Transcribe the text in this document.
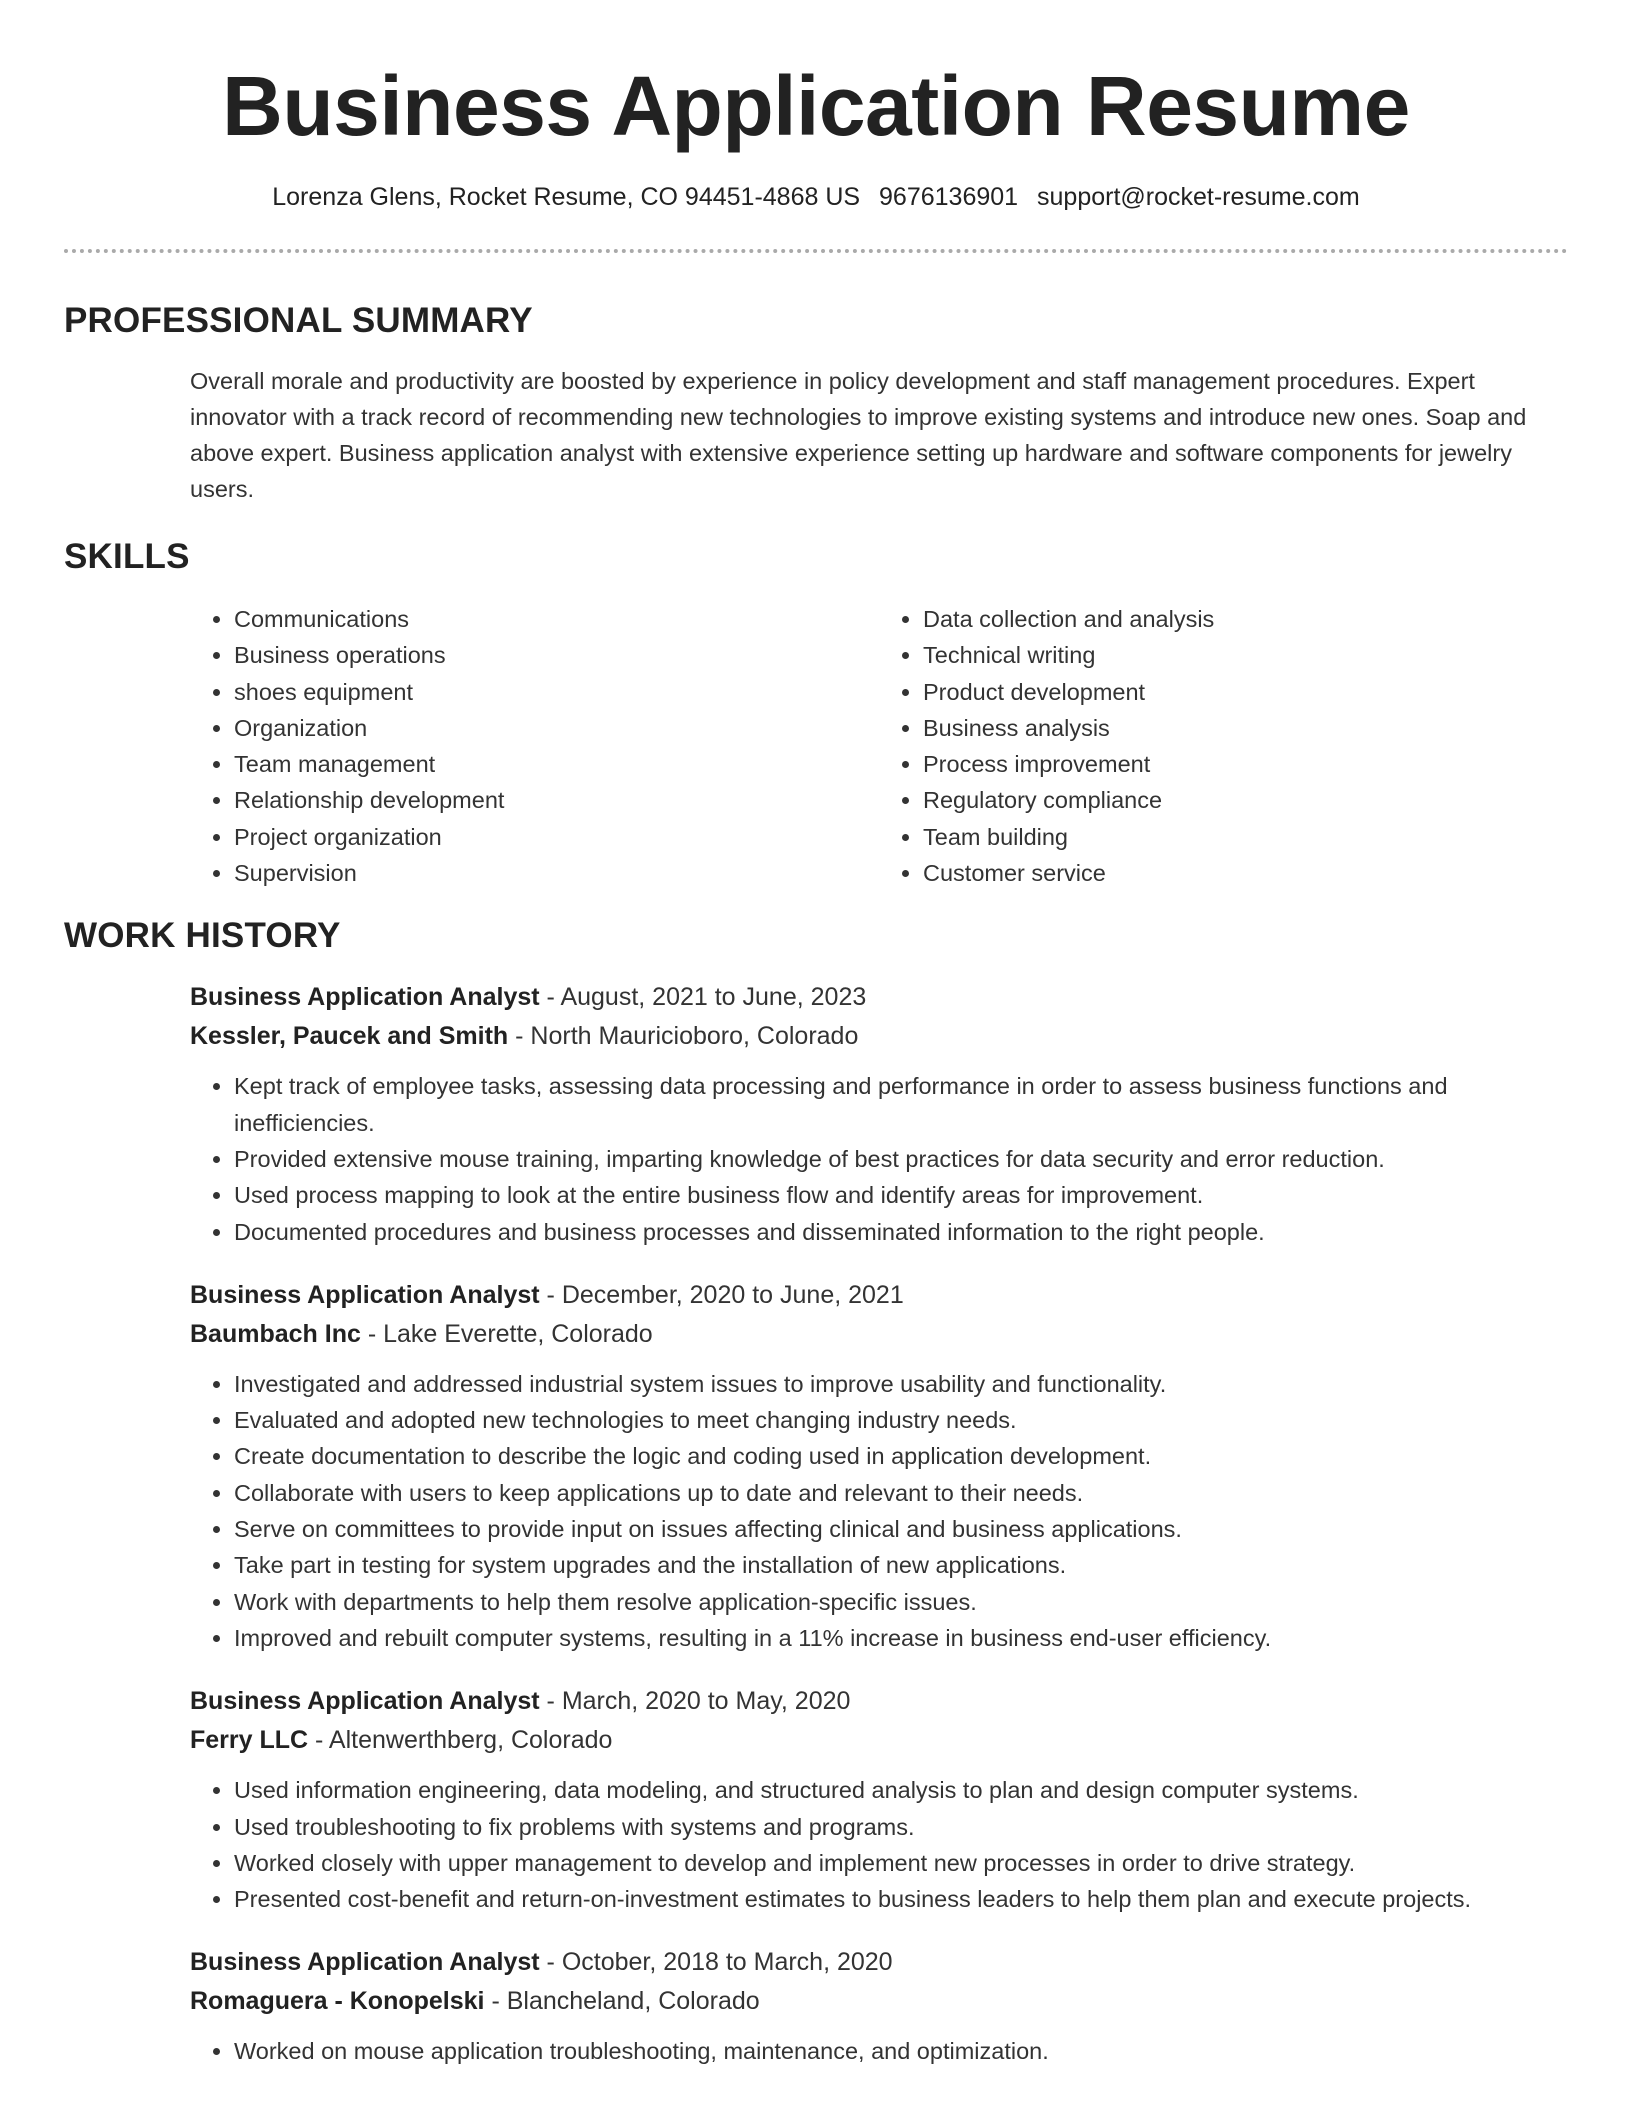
Business Application Resume
Lorenza Glens, Rocket Resume, CO 94451-4868 US 9676136901 support@rocket-resume.com
PROFESSIONAL SUMMARY

Overall morale and productivity are boosted by experience in policy development and staff management procedures. Expert innovator with a track record of recommending new technologies to improve existing systems and introduce new ones. Soap and above expert. Business application analyst with extensive experience setting up hardware and software components for jewelry users.

SKILLS
• Communications
• Business operations
• shoes equipment
• Organization
• Team management
• Relationship development
• Project organization
• Supervision
• Data collection and analysis
• Technical writing
• Product development
• Business analysis
• Process improvement
• Regulatory compliance
• Team building
• Customer service
WORK HISTORY
Business Application Analyst - August, 2021 to June, 2023
Kessler, Paucek and Smith - North Mauricioboro, Colorado
• Kept track of employee tasks, assessing data processing and performance in order to assess business functions and inefficiencies.
• Provided extensive mouse training, imparting knowledge of best practices for data security and error reduction.
• Used process mapping to look at the entire business flow and identify areas for improvement.
• Documented procedures and business processes and disseminated information to the right people.
Business Application Analyst - December, 2020 to June, 2021
Baumbach Inc - Lake Everette, Colorado
• Investigated and addressed industrial system issues to improve usability and functionality.
• Evaluated and adopted new technologies to meet changing industry needs.
• Create documentation to describe the logic and coding used in application development.
• Collaborate with users to keep applications up to date and relevant to their needs.
• Serve on committees to provide input on issues affecting clinical and business applications.
• Take part in testing for system upgrades and the installation of new applications.
• Work with departments to help them resolve application-specific issues.
• Improved and rebuilt computer systems, resulting in a 11% increase in business end-user efficiency.
Business Application Analyst - March, 2020 to May, 2020
Ferry LLC - Altenwerthberg, Colorado
• Used information engineering, data modeling, and structured analysis to plan and design computer systems.
• Used troubleshooting to fix problems with systems and programs.
• Worked closely with upper management to develop and implement new processes in order to drive strategy.
• Presented cost-benefit and return-on-investment estimates to business leaders to help them plan and execute projects.
Business Application Analyst - October, 2018 to March, 2020
Romaguera - Konopelski - Blancheland, Colorado
• Worked on mouse application troubleshooting, maintenance, and optimization.
